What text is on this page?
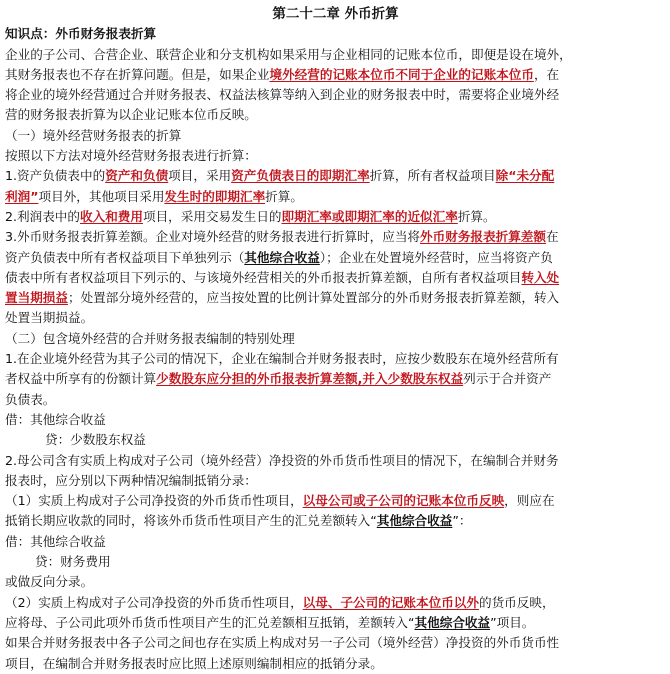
第二十二章 外币折算
知识点：外币财务报表折算
企业的子公司、合营企业、联营企业和分支机构如果采用与企业相同的记账本位币，即便是设在境外，
其财务报表也不存在折算问题。但是，如果企业境外经营的记账本位币不同于企业的记账本位币，在
将企业的境外经营通过合并财务报表、权益法核算等纳入到企业的财务报表中时，需要将企业境外经
营的财务报表折算为以企业记账本位币反映。
（一）境外经营财务报表的折算
按照以下方法对境外经营财务报表进行折算：
1.资产负债表中的资产和负债项目，采用资产负债表日的即期汇率折算，所有者权益项目除“未分配
利润”项目外，其他项目采用发生时的即期汇率折算。
2.利润表中的收入和费用项目，采用交易发生日的即期汇率或即期汇率的近似汇率折算。
3.外币财务报表折算差额。企业对境外经营的财务报表进行折算时，应当将外币财务报表折算差额在
资产负债表中所有者权益项目下单独列示（其他综合收益）；企业在处置境外经营时，应当将资产负
债表中所有者权益项目下列示的、与该境外经营相关的外币报表折算差额，自所有者权益项目转入处
置当期损益；处置部分境外经营的，应当按处置的比例计算处置部分的外币财务报表折算差额，转入
处置当期损益。
（二）包含境外经营的合并财务报表编制的特别处理
1.在企业境外经营为其子公司的情况下，企业在编制合并财务报表时，应按少数股东在境外经营所有
者权益中所享有的份额计算少数股东应分担的外币报表折算差额,并入少数股东权益列示于合并资产
负债表。
借：其他综合收益
贷：少数股东权益
2.母公司含有实质上构成对子公司（境外经营）净投资的外币货币性项目的情况下，在编制合并财务
报表时，应分别以下两种情况编制抵销分录：
（1）实质上构成对子公司净投资的外币货币性项目，以母公司或子公司的记账本位币反映，则应在
抵销长期应收款的同时，将该外币货币性项目产生的汇兑差额转入“其他综合收益”：
借：其他综合收益
贷：财务费用
或做反向分录。
（2）实质上构成对子公司净投资的外币货币性项目，以母、子公司的记账本位币以外的货币反映，
应将母、子公司此项外币货币性项目产生的汇兑差额相互抵销，差额转入“其他综合收益”项目。
如果合并财务报表中各子公司之间也存在实质上构成对另一子公司（境外经营）净投资的外币货币性
项目，在编制合并财务报表时应比照上述原则编制相应的抵销分录。
